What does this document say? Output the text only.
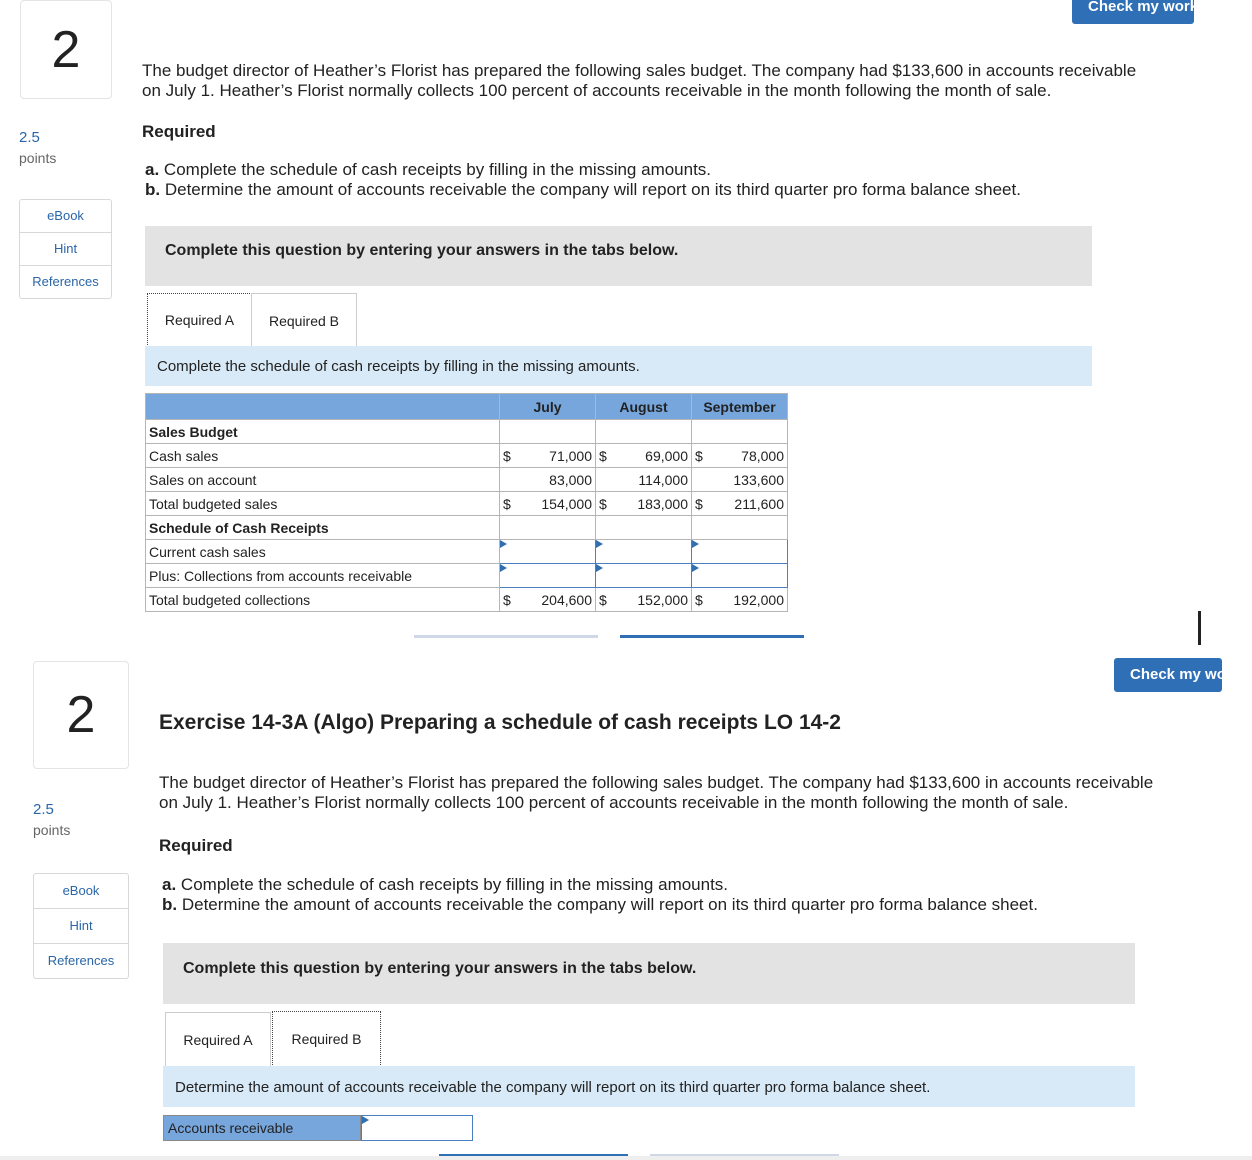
2
Check my work
2.5
points
eBook
Hint
References
The budget director of Heather’s Florist has prepared the following sales budget. The company had $133,600 in accounts receivable
on July 1. Heather’s Florist normally collects 100 percent of accounts receivable in the month following the month of sale.
Required
a. Complete the schedule of cash receipts by filling in the missing amounts.
b. Determine the amount of accounts receivable the company will report on its third quarter pro forma balance sheet.
Complete this question by entering your answers in the tabs below.
Required A	Required B
Complete the schedule of cash receipts by filling in the missing amounts.
	July	August	September
Sales Budget			
Cash sales	$ 71,000	$ 69,000	$ 78,000

Sales on account	83,000	114,000	133,600
Total budgeted sales	$ 154,000	$ 183,000	$ 211,600

Schedule of Cash Receipts			
Current cash sales			
Plus: Collections from accounts receivable			
Total budgeted collections	$ 204,600	$ 152,000	$ 192,000
2
Check my work
2.5
points
eBook
Hint
References
Exercise 14-3A (Algo) Preparing a schedule of cash receipts LO 14-2
The budget director of Heather’s Florist has prepared the following sales budget. The company had $133,600 in accounts receivable
on July 1. Heather’s Florist normally collects 100 percent of accounts receivable in the month following the month of sale.
Required
a. Complete the schedule of cash receipts by filling in the missing amounts.
b. Determine the amount of accounts receivable the company will report on its third quarter pro forma balance sheet.
Complete this question by entering your answers in the tabs below.
Required A	Required B
Determine the amount of accounts receivable the company will report on its third quarter pro forma balance sheet.
Accounts receivable
